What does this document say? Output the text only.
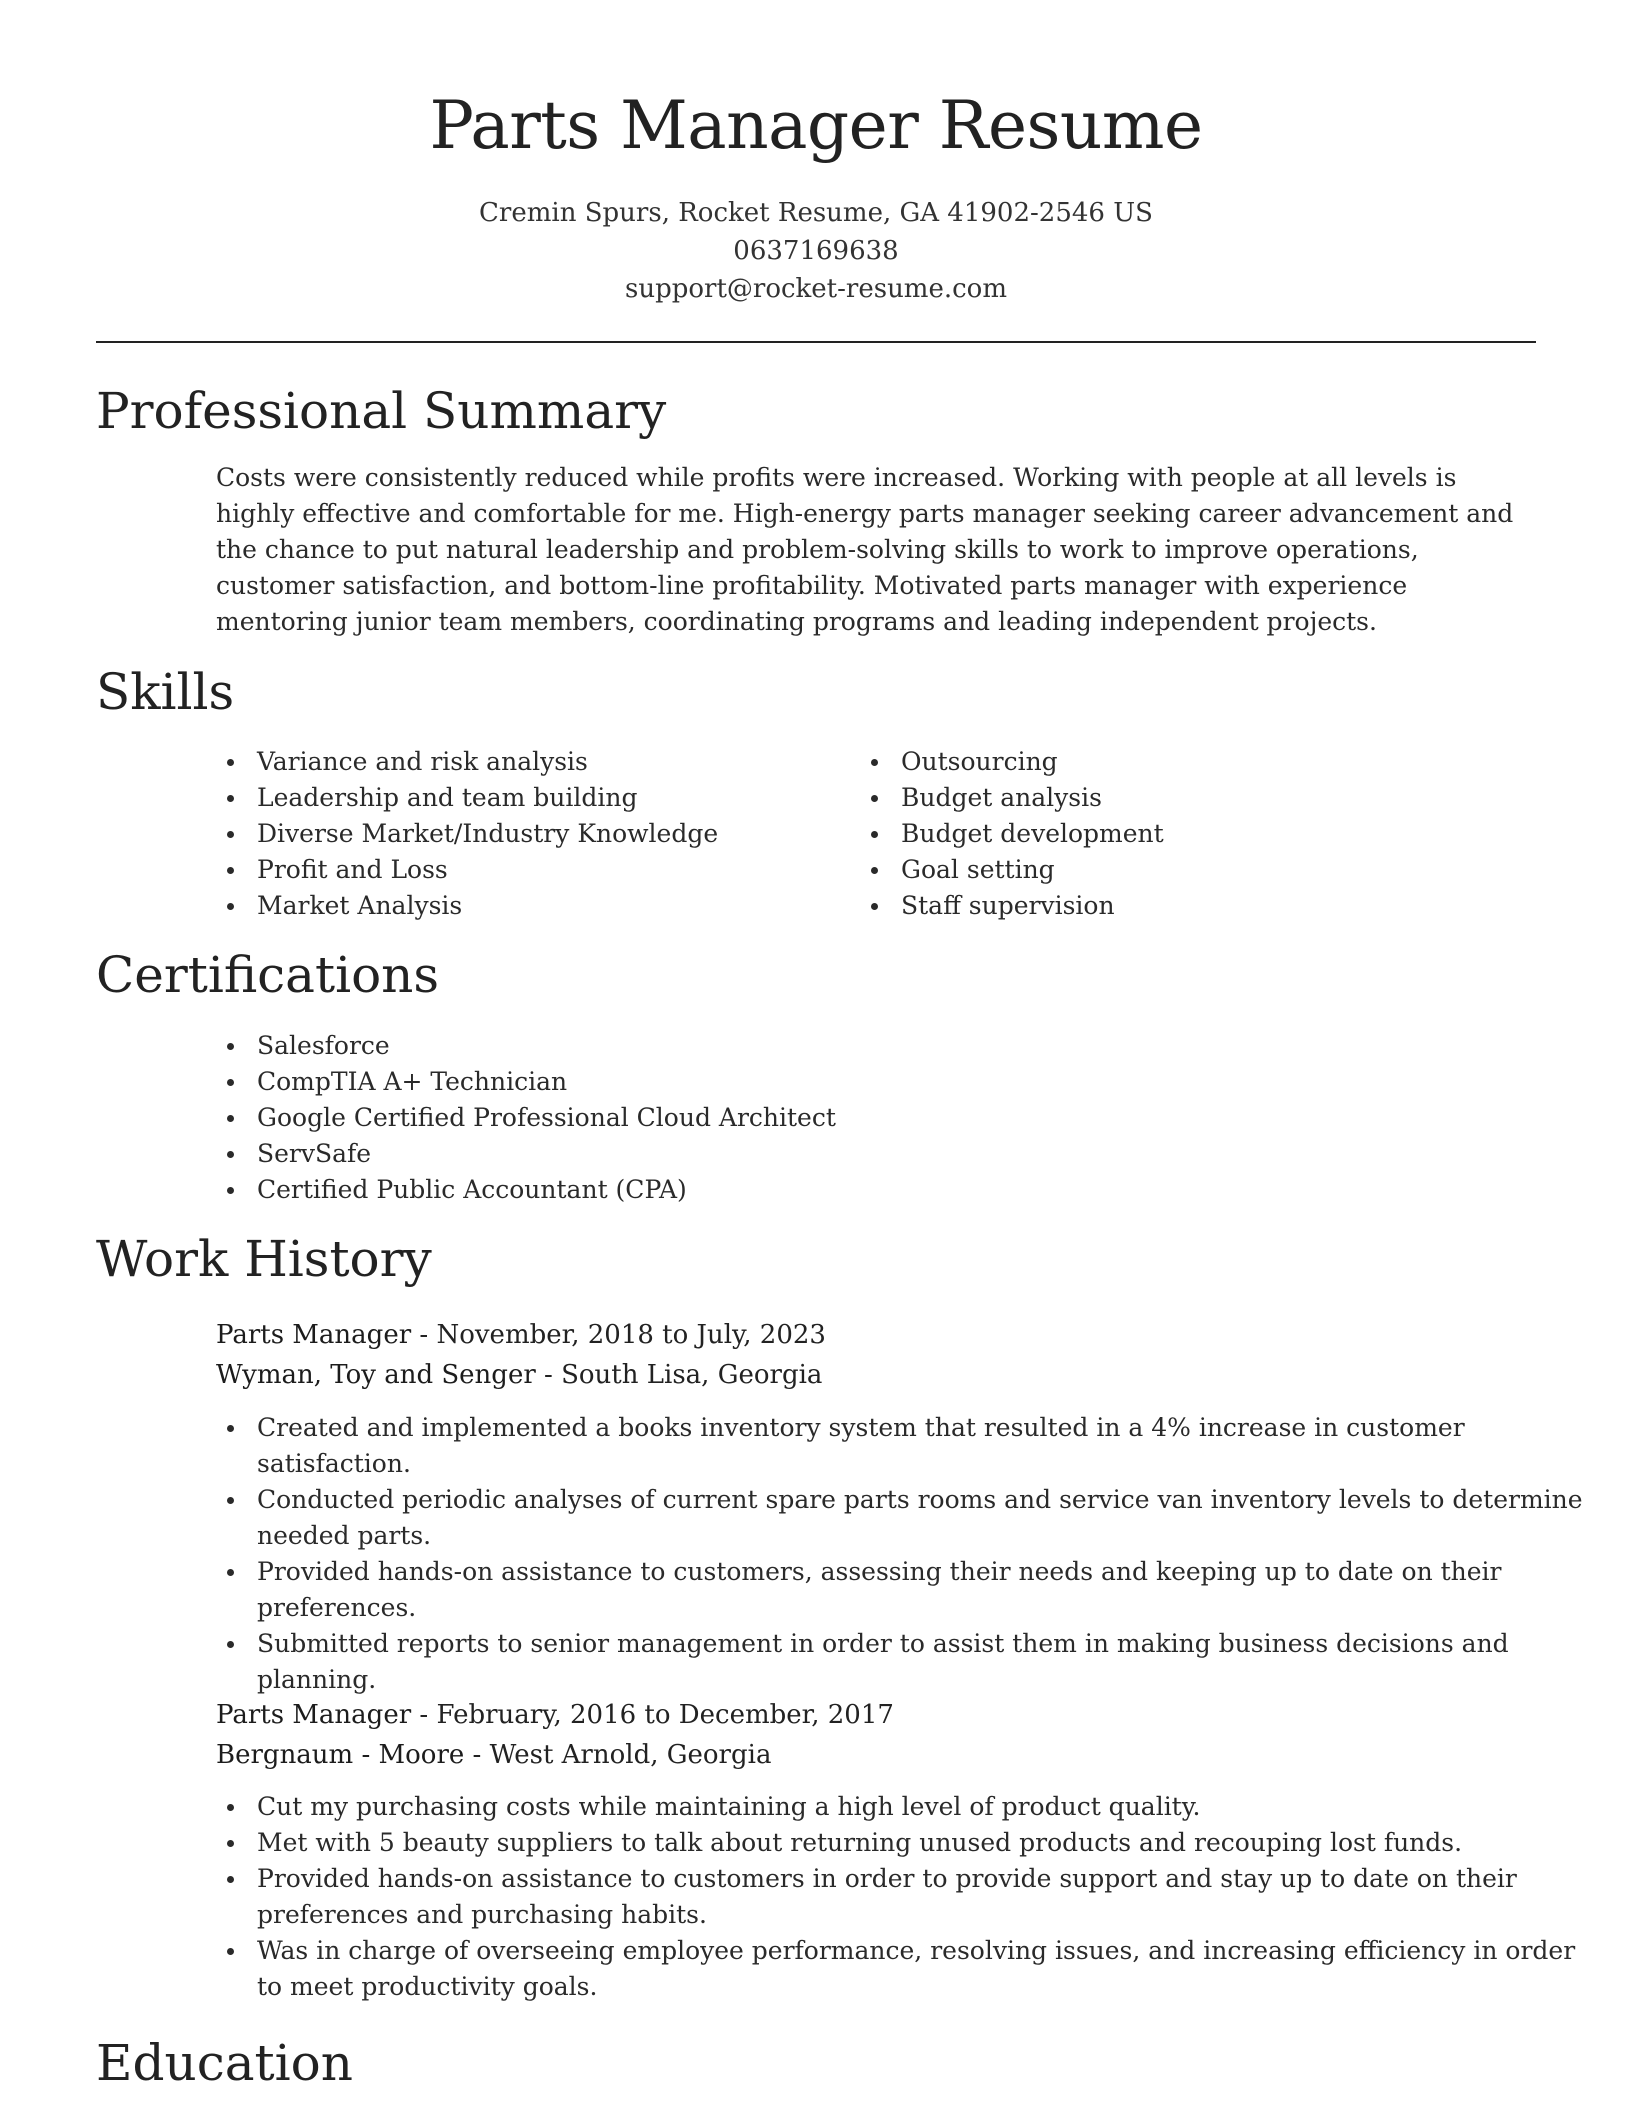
Parts Manager Resume
Cremin Spurs, Rocket Resume, GA 41902-2546 US
0637169638
support@rocket-resume.com
Professional Summary

Costs were consistently reduced while profits were increased. Working with people at all levels is highly effective and comfortable for me. High-energy parts manager seeking career advancement and the chance to put natural leadership and problem-solving skills to work to improve operations, customer satisfaction, and bottom-line profitability. Motivated parts manager with experience mentoring junior team members, coordinating programs and leading independent projects.

Skills
Variance and risk analysis
Leadership and team building
Diverse Market/Industry Knowledge
Profit and Loss
Market Analysis
Outsourcing
Budget analysis
Budget development
Goal setting
Staff supervision
Certifications
Salesforce
CompTIA A+ Technician
Google Certified Professional Cloud Architect
ServSafe
Certified Public Accountant (CPA)
Work History
Parts Manager - November, 2018 to July, 2023
Wyman, Toy and Senger - South Lisa, Georgia
Created and implemented a books inventory system that resulted in a 4% increase in customer satisfaction.
Conducted periodic analyses of current spare parts rooms and service van inventory levels to determine needed parts.
Provided hands-on assistance to customers, assessing their needs and keeping up to date on their preferences.
Submitted reports to senior management in order to assist them in making business decisions and planning.
Parts Manager - February, 2016 to December, 2017
Bergnaum - Moore - West Arnold, Georgia
Cut my purchasing costs while maintaining a high level of product quality.
Met with 5 beauty suppliers to talk about returning unused products and recouping lost funds.
Provided hands-on assistance to customers in order to provide support and stay up to date on their preferences and purchasing habits.
Was in charge of overseeing employee performance, resolving issues, and increasing efficiency in order to meet productivity goals.
Education
